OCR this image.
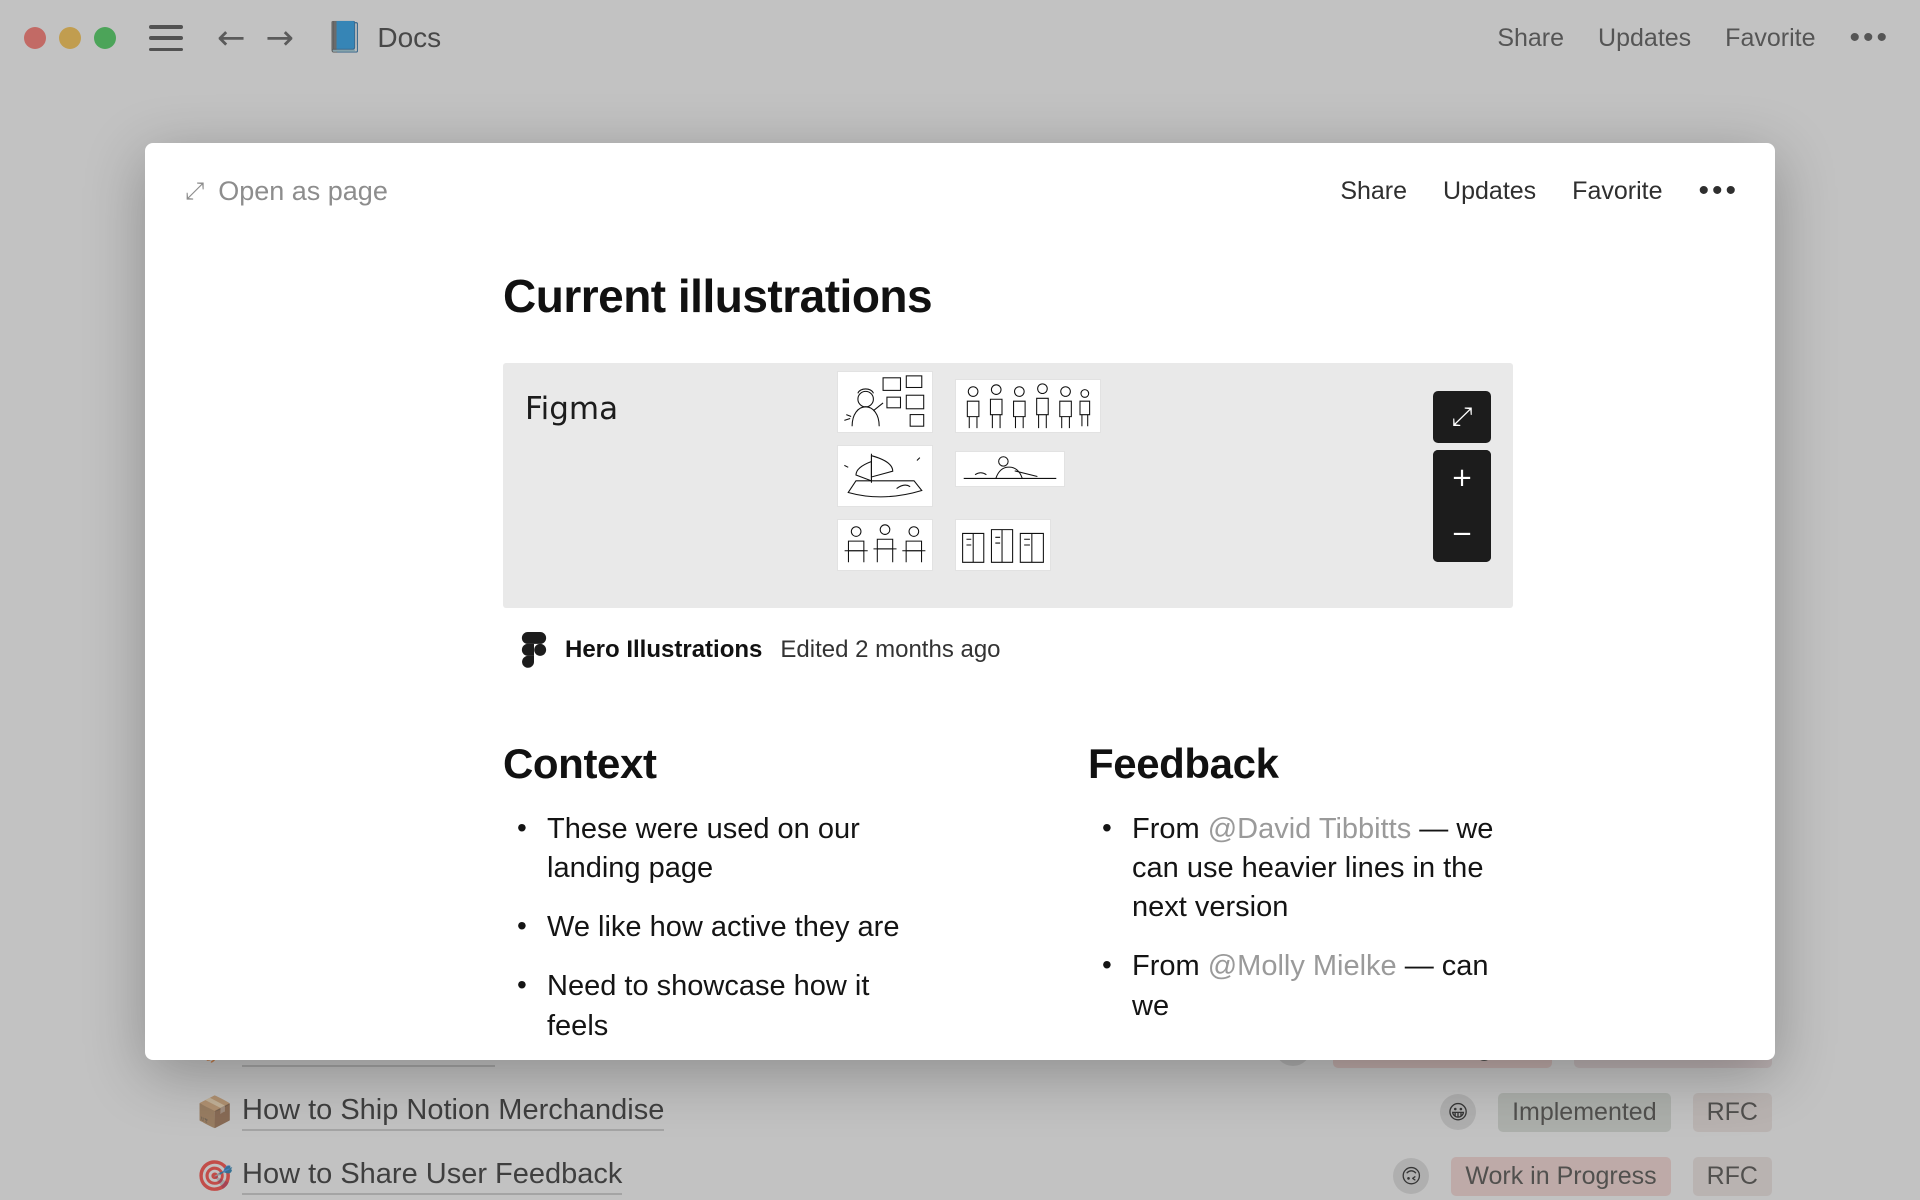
← → 📘 Docs	Share Updates Favorite •••
📦 How to Ship Notion Merchandise	😀	Implemented	RFC
🎯 How to Share User Feedback	🙃	Work in Progress	RFC
⤢ Open as page	Share Updates Favorite •••
Current illustrations
Figma	⤢
+
−
Hero Illustrations Edited 2 months ago
Context
• These were used on our landing page
• We like how active they are
• Need to showcase how it feels
Feedback
• From @David Tibbitts — we can use heavier lines in the next version
• From @Molly Mielke — can we
